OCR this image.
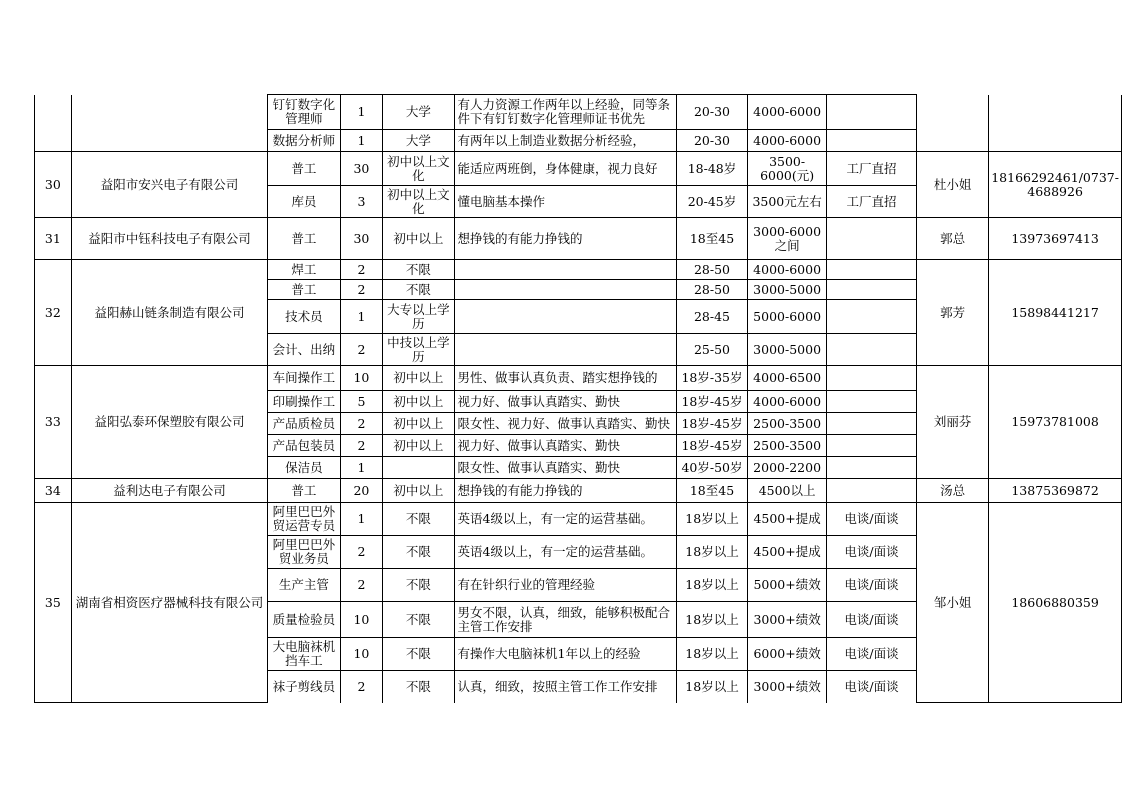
		钉钉数字化管理师	1	大学	有人力资源工作两年以上经验，同等条件下有钉钉数字化管理师证书优先	20-30	4000-6000			
		数据分析师	1	大学	有两年以上制造业数据分析经验，	20-30	4000-6000			
30	益阳市安兴电子有限公司	普工	30	初中以上文化	能适应两班倒，身体健康，视力良好	18-48岁	3500-6000(元)	工厂直招	杜小姐	18166292461/0737-4688926
		库员	3	初中以上文化	懂电脑基本操作	20-45岁	3500元左右	工厂直招		
31	益阳市中钰科技电子有限公司	普工	30	初中以上	想挣钱的有能力挣钱的	18至45	3000-6000之间		郭总	13973697413
32	益阳赫山链条制造有限公司	焊工	2	不限		28-50	4000-6000		郭芳	15898441217
		普工	2	不限		28-50	3000-5000			
		技术员	1	大专以上学历		28-45	5000-6000			
		会计、出纳	2	中技以上学历		25-50	3000-5000			
33	益阳弘泰环保塑胶有限公司	车间操作工	10	初中以上	男性、做事认真负责、踏实想挣钱的	18岁-35岁	4000-6500		刘丽芬	15973781008
		印刷操作工	5	初中以上	视力好、做事认真踏实、勤快	18岁-45岁	4000-6000			
		产品质检员	2	初中以上	限女性、视力好、做事认真踏实、勤快	18岁-45岁	2500-3500			
		产品包装员	2	初中以上	视力好、做事认真踏实、勤快	18岁-45岁	2500-3500			
		保洁员	1		限女性、做事认真踏实、勤快	40岁-50岁	2000-2200			
34	益利达电子有限公司	普工	20	初中以上	想挣钱的有能力挣钱的	18至45	4500以上		汤总	13875369872
35	湖南省相资医疗器械科技有限公司	阿里巴巴外贸运营专员	1	不限	英语4级以上，有一定的运营基础。	18岁以上	4500+提成	电谈/面谈	邹小姐	18606880359
		阿里巴巴外贸业务员	2	不限	英语4级以上，有一定的运营基础。	18岁以上	4500+提成	电谈/面谈		
		生产主管	2	不限	有在针织行业的管理经验	18岁以上	5000+绩效	电谈/面谈		
		质量检验员	10	不限	男女不限，认真，细致，能够积极配合主管工作安排	18岁以上	3000+绩效	电谈/面谈		
		大电脑袜机挡车工	10	不限	有操作大电脑袜机1年以上的经验	18岁以上	6000+绩效	电谈/面谈		
		袜子剪线员	2	不限	认真，细致，按照主管工作工作安排	18岁以上	3000+绩效	电谈/面谈		
